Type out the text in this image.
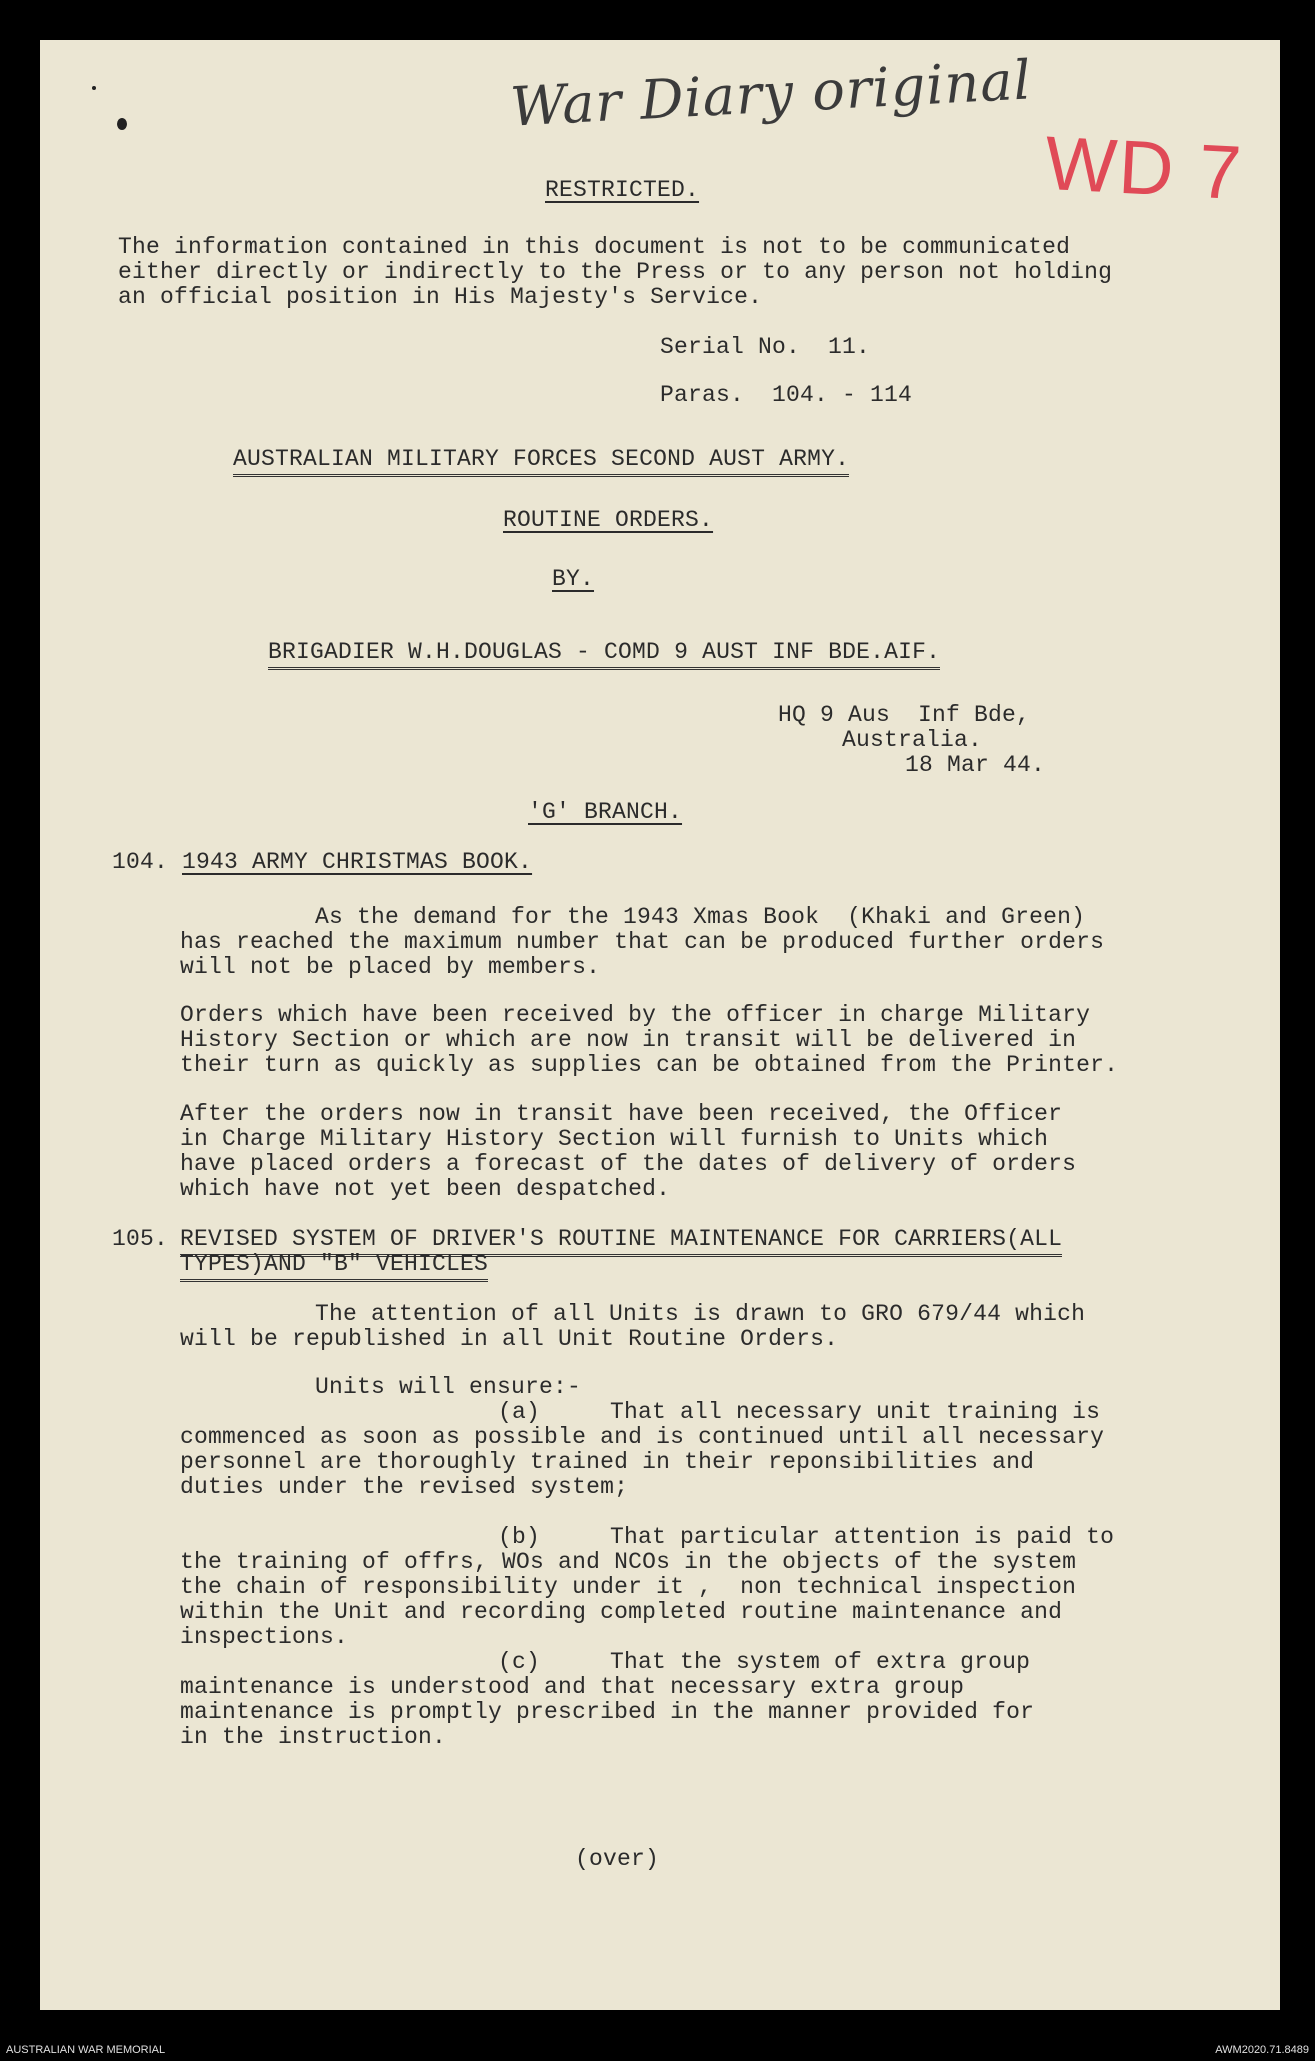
War Diary original
WD 7
RESTRICTED.
The information contained in this document is not to be communicated
either directly or indirectly to the Press or to any person not holding
an official position in His Majesty's Service.
Serial No.  11.
Paras.  104. - 114
AUSTRALIAN MILITARY FORCES SECOND AUST ARMY.
ROUTINE ORDERS.
BY.
BRIGADIER W.H.DOUGLAS - COMD 9 AUST INF BDE.AIF.
HQ 9 Aus  Inf Bde,
Australia.
18 Mar 44.
'G' BRANCH.
104. 1943 ARMY CHRISTMAS BOOK.
As the demand for the 1943 Xmas Book  (Khaki and Green)
has reached the maximum number that can be produced further orders
will not be placed by members.
Orders which have been received by the officer in charge Military
History Section or which are now in transit will be delivered in
their turn as quickly as supplies can be obtained from the Printer.
After the orders now in transit have been received, the Officer
in Charge Military History Section will furnish to Units which
have placed orders a forecast of the dates of delivery of orders
which have not yet been despatched.
105. REVISED SYSTEM OF DRIVER'S ROUTINE MAINTENANCE FOR CARRIERS(ALL
TYPES)AND "B" VEHICLES
The attention of all Units is drawn to GRO 679/44 which
will be republished in all Unit Routine Orders.
Units will ensure:-
(a)     That all necessary unit training is
commenced as soon as possible and is continued until all necessary
personnel are thoroughly trained in their reponsibilities and
duties under the revised system;
(b)     That particular attention is paid to
the training of offrs, WOs and NCOs in the objects of the system
the chain of responsibility under it ,  non technical inspection
within the Unit and recording completed routine maintenance and
inspections.
(c)     That the system of extra group
maintenance is understood and that necessary extra group
maintenance is promptly prescribed in the manner provided for
in the instruction.
(over)
AUSTRALIAN WAR MEMORIAL	AWM2020.71.8489
